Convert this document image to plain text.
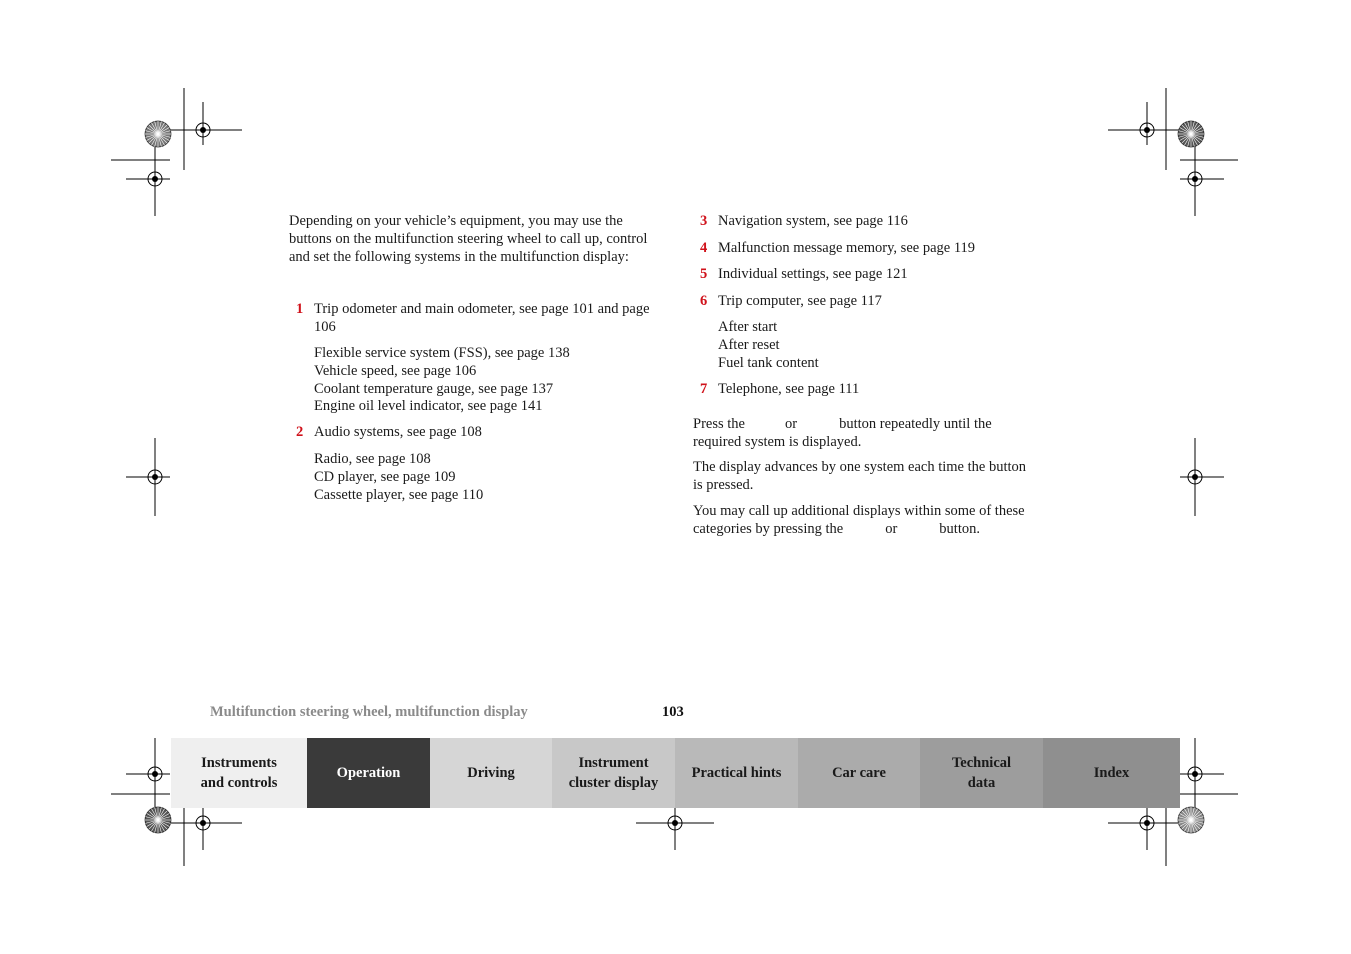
Depending on your vehicle’s equipment, you may use the buttons on the multifunction steering wheel to call up, control and set the following systems in the multifunction display:
1 Trip odometer and main odometer, see page 101 and page 106
Flexible service system (FSS), see page 138
Vehicle speed, see page 106
Coolant temperature gauge, see page 137
Engine oil level indicator, see page 141
2 Audio systems, see page 108
Radio, see page 108
CD player, see page 109
Cassette player, see page 110
3 Navigation system, see page 116
4 Malfunction message memory, see page 119
5 Individual settings, see page 121
6 Trip computer, see page 117
After start
After reset
Fuel tank content
7 Telephone, see page 111
Press the	or	button repeatedly until the
required system is displayed.
The display advances by one system each time the button is pressed.
You may call up additional displays within some of these
categories by pressing the	or	button.
Multifunction steering wheel, multifunction display	103
Instruments
and controls
Operation	Driving
Instrument
cluster display
Practical hints	Car care
Technical
data
Index
